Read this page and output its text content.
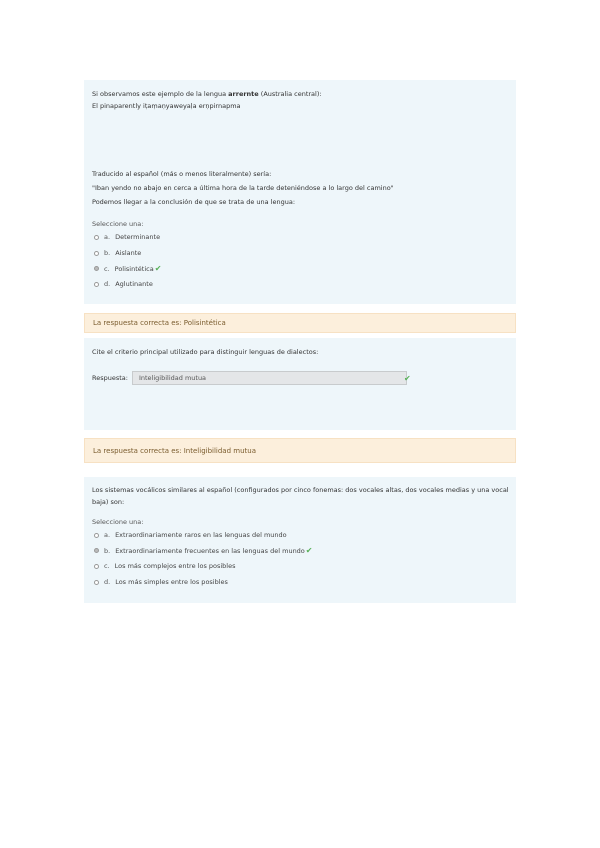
Si observamos este ejemplo de la lengua arrernte (Australia central):
El pinaparently iṭaṃaṇyaweyaḷa erṇpirnapma
Traducido al español (más o menos literalmente) sería:
"Iban yendo no abajo en cerca a última hora de la tarde deteniéndose a lo largo del camino"
Podemos llegar a la conclusión de que se trata de una lengua:
Seleccione una:
a. Determinante
b. Aislante
c. Polisintética ✔
d. Aglutinante
La respuesta correcta es: Polisintética
Cite el criterio principal utilizado para distinguir lenguas de dialectos:
Respuesta: Inteligibilidad mutua	✔
La respuesta correcta es: Inteligibilidad mutua
Los sistemas vocálicos similares al español (configurados por cinco fonemas: dos vocales altas, dos vocales medias y una vocal
baja) son:
Seleccione una:
a. Extraordinariamente raros en las lenguas del mundo
b. Extraordinariamente frecuentes en las lenguas del mundo ✔
c. Los más complejos entre los posibles
d. Los más simples entre los posibles
